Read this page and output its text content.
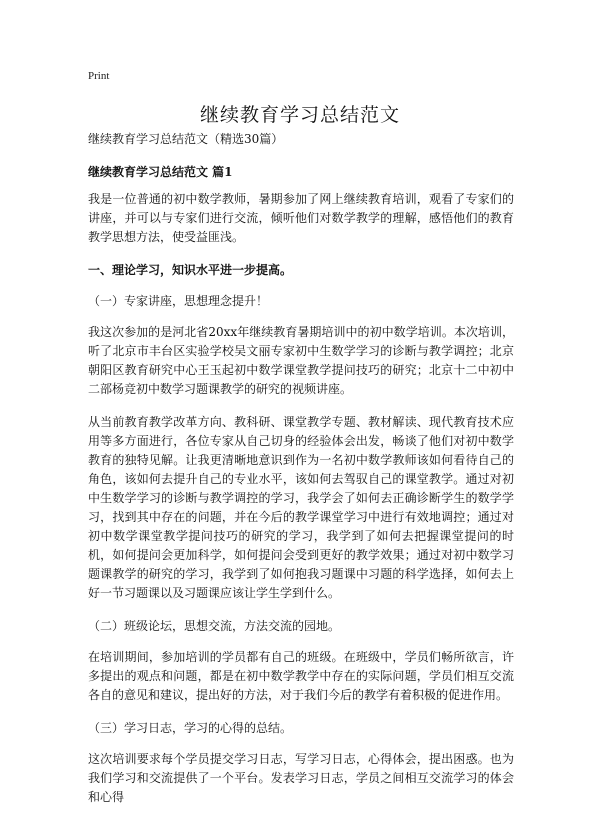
Print
继续教育学习总结范文

继续教育学习总结范文（精选30篇）

继续教育学习总结范文 篇1

我是一位普通的初中数学教师，暑期参加了网上继续教育培训，观看了专家们的讲座，并可以与专家们进行交流，倾听他们对数学教学的理解，感悟他们的教育教学思想方法，使受益匪浅。

一、理论学习，知识水平进一步提高。

（一）专家讲座，思想理念提升！

我这次参加的是河北省20xx年继续教育暑期培训中的初中数学培训。本次培训，听了北京市丰台区实验学校吴文丽专家初中生数学学习的诊断与教学调控；北京朝阳区教育研究中心王玉起初中数学课堂教学提问技巧的研究；北京十二中初中二部杨竞初中数学习题课教学的研究的视频讲座。

从当前教育教学改革方向、教科研、课堂教学专题、教材解读、现代教育技术应用等多方面进行，各位专家从自己切身的经验体会出发，畅谈了他们对初中数学教育的独特见解。让我更清晰地意识到作为一名初中数学教师该如何看待自己的角色，该如何去提升自己的专业水平，该如何去驾驭自己的课堂教学。通过对初中生数学学习的诊断与教学调控的学习，我学会了如何去正确诊断学生的数学学习，找到其中存在的问题，并在今后的教学课堂学习中进行有效地调控；通过对初中数学课堂教学提问技巧的研究的学习，我学到了如何去把握课堂提问的时机，如何提问会更加科学，如何提问会受到更好的教学效果；通过对初中数学习题课教学的研究的学习，我学到了如何抱我习题课中习题的科学选择，如何去上好一节习题课以及习题课应该让学生学到什么。

（二）班级论坛，思想交流，方法交流的园地。

在培训期间，参加培训的学员都有自己的班级。在班级中，学员们畅所欲言，许多提出的观点和问题，都是在初中数学教学中存在的实际问题，学员们相互交流各自的意见和建议，提出好的方法，对于我们今后的教学有着积极的促进作用。

（三）学习日志，学习的心得的总结。

这次培训要求每个学员提交学习日志，写学习日志，心得体会，提出困惑。也为我们学习和交流提供了一个平台。发表学习日志，学员之间相互交流学习的体会和心得
